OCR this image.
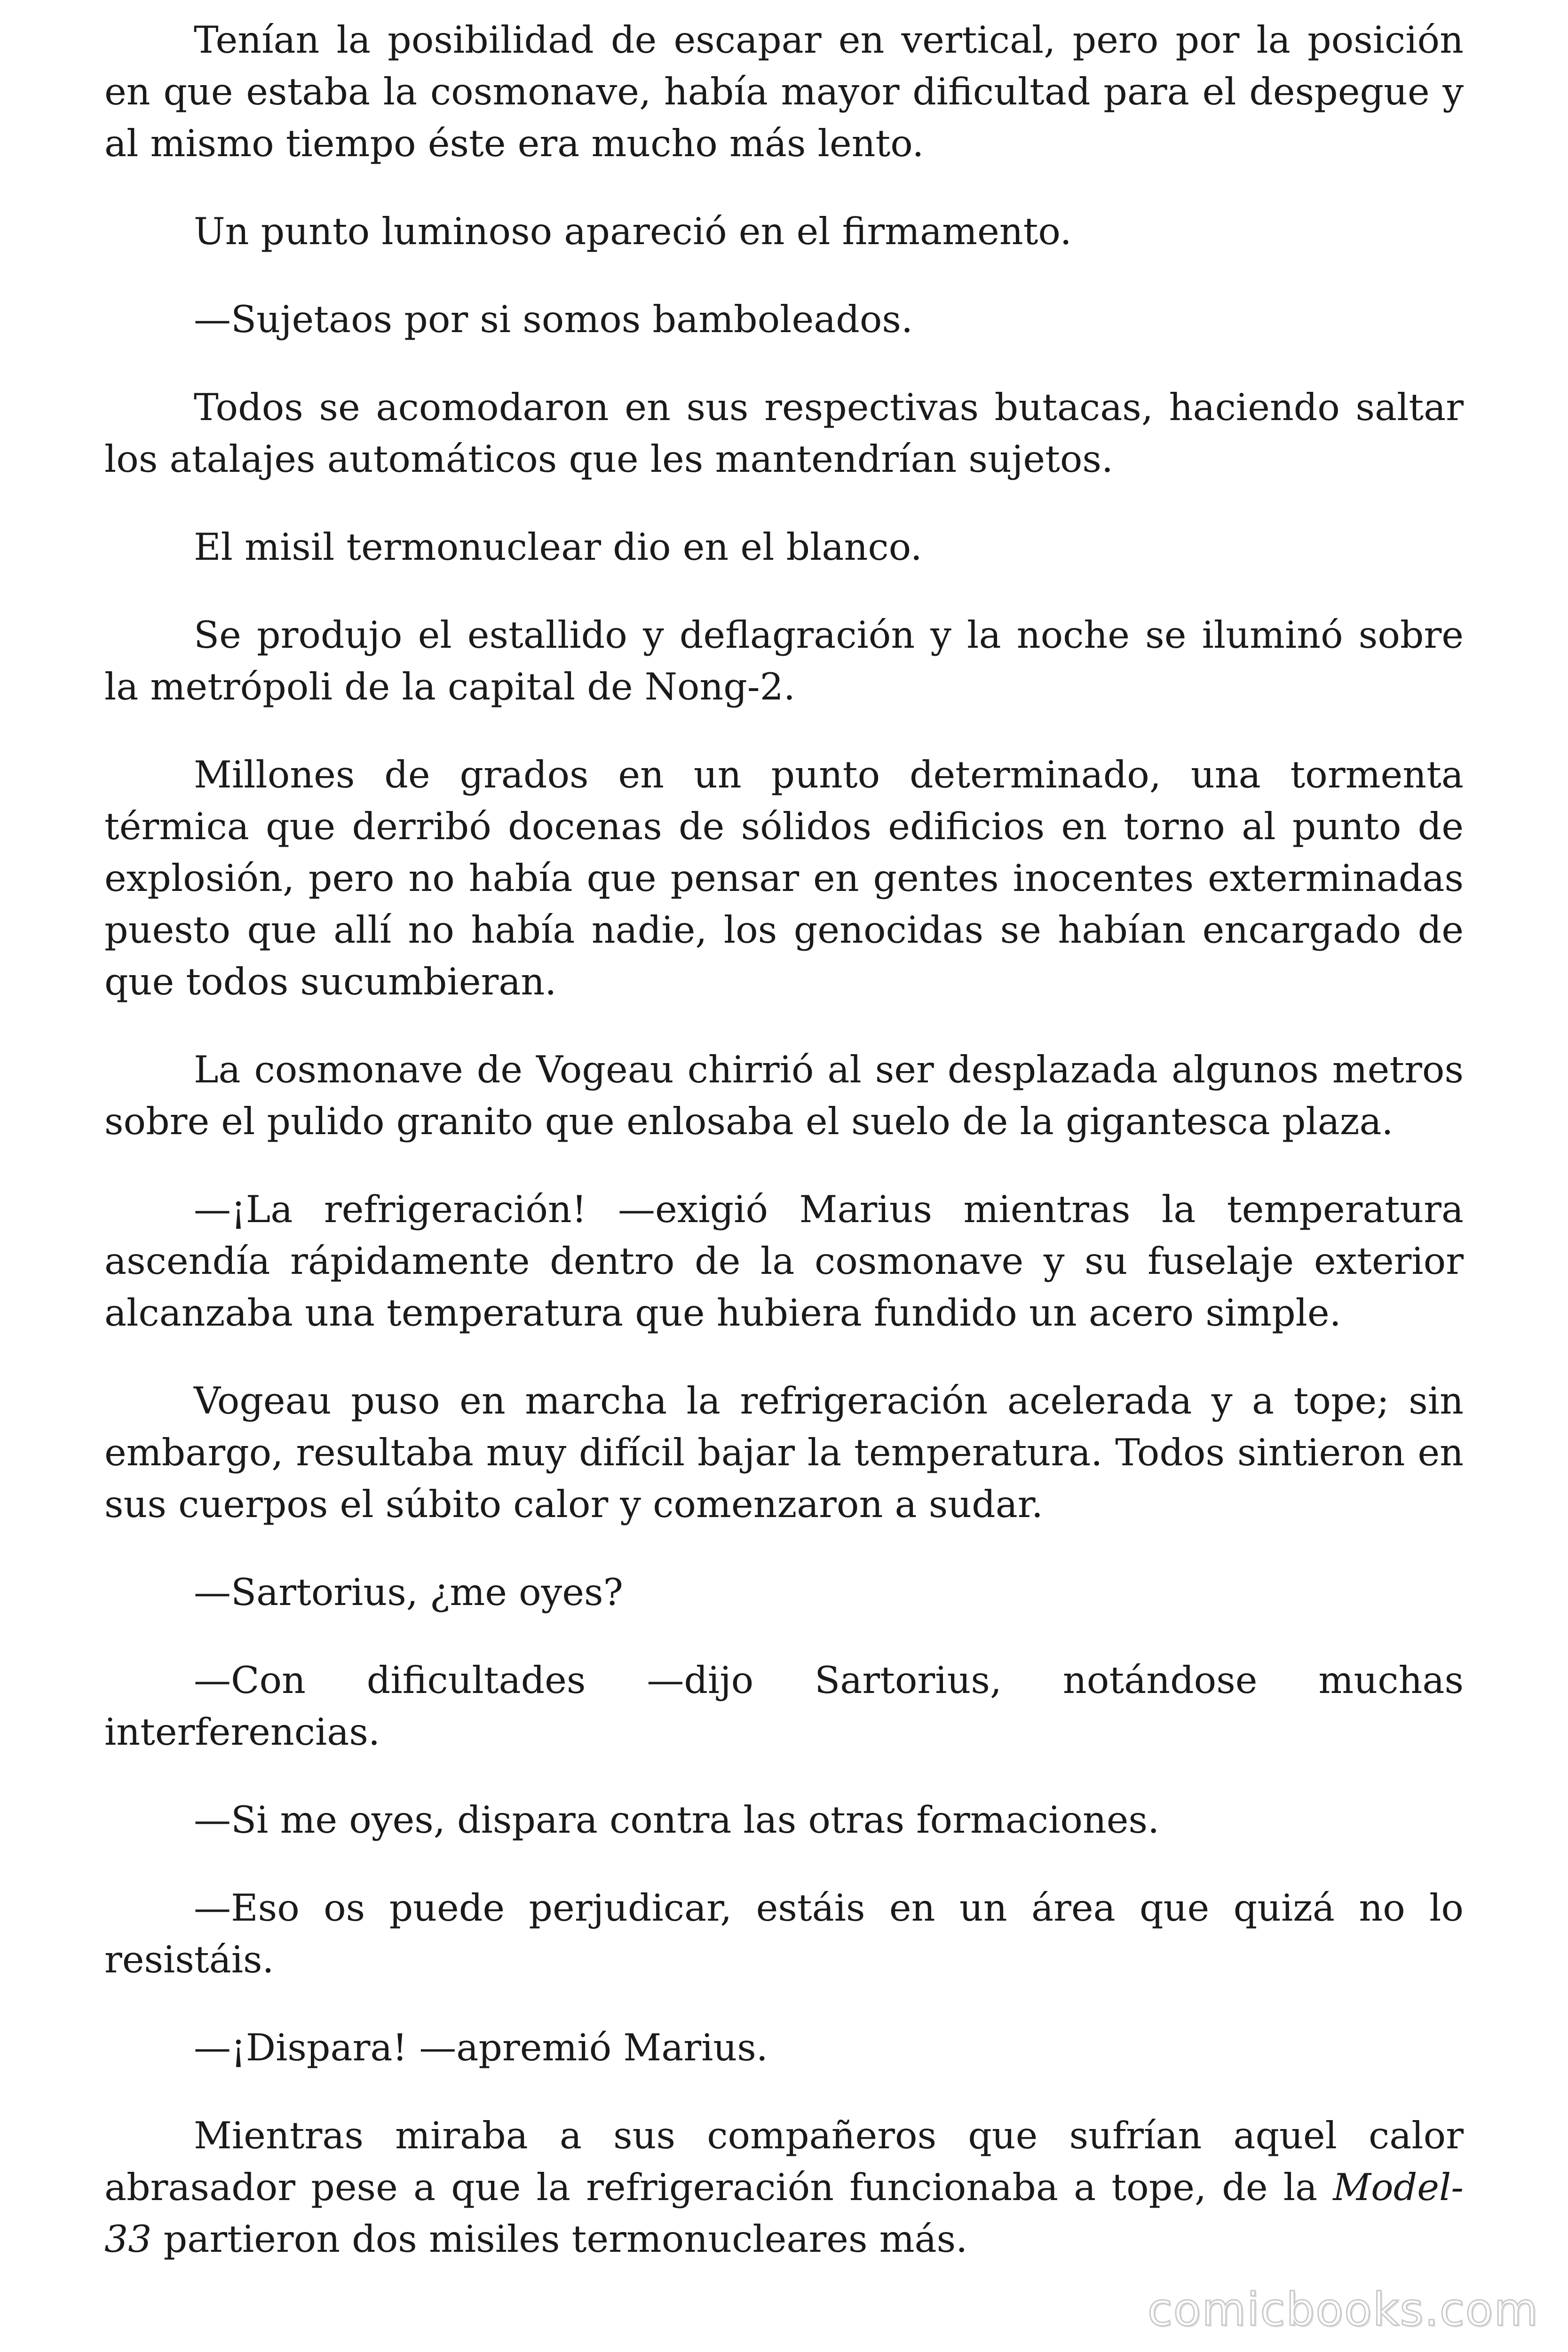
Tenían la posibilidad de escapar en vertical, pero por la posición en que estaba la cosmonave, había mayor dificultad para el despegue y al mismo tiempo éste era mucho más lento.

Un punto luminoso apareció en el firmamento.

—Sujetaos por si somos bamboleados.

Todos se acomodaron en sus respectivas butacas, haciendo saltar los atalajes automáticos que les mantendrían sujetos.

El misil termonuclear dio en el blanco.

Se produjo el estallido y deflagración y la noche se iluminó sobre la metrópoli de la capital de Nong-2.

Millones de grados en un punto determinado, una tormenta térmica que derribó docenas de sólidos edificios en torno al punto de explosión, pero no había que pensar en gentes inocentes exterminadas puesto que allí no había nadie, los genocidas se habían encargado de que todos sucumbieran.

La cosmonave de Vogeau chirrió al ser desplazada algunos metros sobre el pulido granito que enlosaba el suelo de la gigantesca plaza.

—¡La refrigeración! —exigió Marius mientras la temperatura ascendía rápidamente dentro de la cosmonave y su fuselaje exterior alcanzaba una temperatura que hubiera fundido un acero simple.

Vogeau puso en marcha la refrigeración acelerada y a tope; sin embargo, resultaba muy difícil bajar la temperatura. Todos sintieron en sus cuerpos el súbito calor y comenzaron a sudar.

—Sartorius, ¿me oyes?

—Con dificultades —dijo Sartorius, notándose muchas interferencias.

—Si me oyes, dispara contra las otras formaciones.

—Eso os puede perjudicar, estáis en un área que quizá no lo resistáis.

—¡Dispara! —apremió Marius.

Mientras miraba a sus compañeros que sufrían aquel calor abrasador pese a que la refrigeración funcionaba a tope, de la Model-33 partieron dos misiles termonucleares más.

comicbooks.com
